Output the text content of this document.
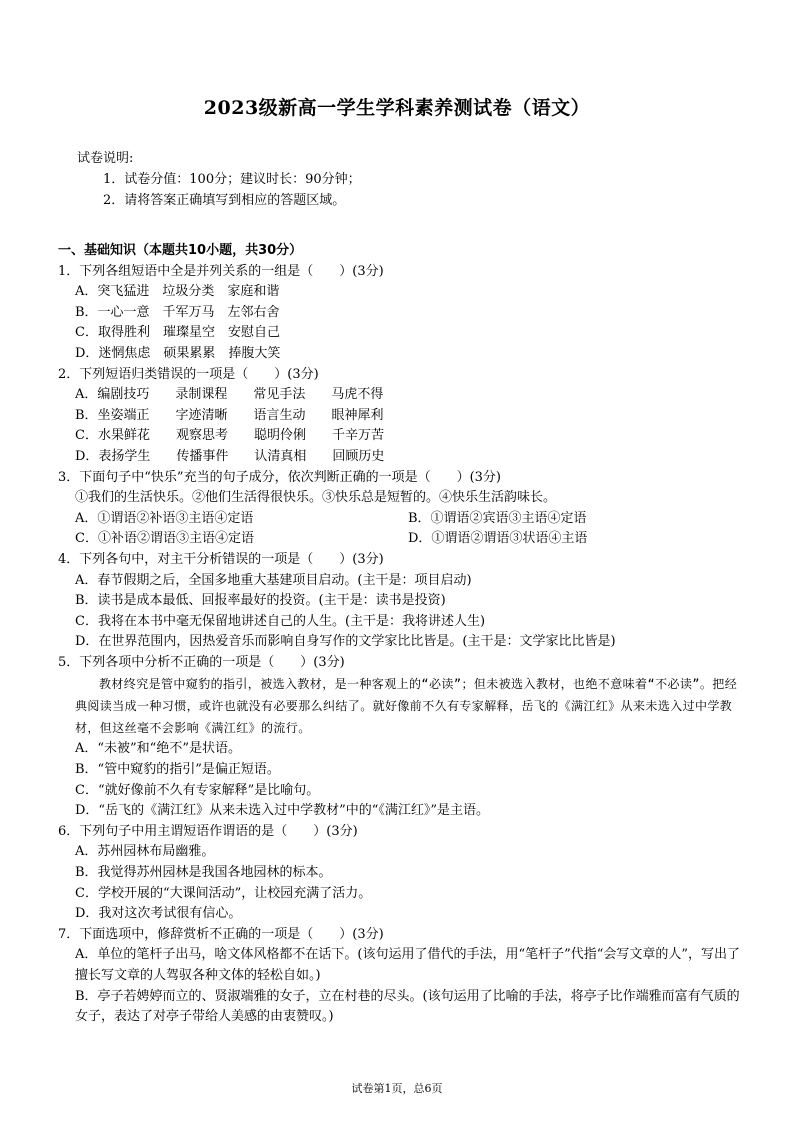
2023级新高一学生学科素养测试卷（语文）
试卷说明:
1．试卷分值：100分；建议时长：90分钟；
2．请将答案正确填写到相应的答题区域。
一、基础知识（本题共10小题，共30分）
1．下列各组短语中全是并列关系的一组是（　　）(3分)
A．突飞猛进　垃圾分类　家庭和谐
B．一心一意　千军万马　左邻右舍
C．取得胜利　璀璨星空　安慰自己
D．迷惘焦虑　硕果累累　捧腹大笑
2．下列短语归类错误的一项是（　　）(3分)
A．编剧技巧　　录制课程　　常见手法　　马虎不得
B．坐姿端正　　字迹清晰　　语言生动　　眼神犀利
C．水果鲜花　　观察思考　　聪明伶俐　　千辛万苦
D．表扬学生　　传播事件　　认清真相　　回顾历史
3．下面句子中“快乐”充当的句子成分，依次判断正确的一项是（　　）(3分)
①我们的生活快乐。②他们生活得很快乐。③快乐总是短暂的。④快乐生活韵味长。
A．①谓语②补语③主语④定语	B．①谓语②宾语③主语④定语
C．①补语②谓语③主语④定语	D．①谓语②谓语③状语④主语
4．下列各句中，对主干分析错误的一项是（　　）(3分)
A．春节假期之后，全国多地重大基建项目启动。(主干是：项目启动)
B．读书是成本最低、回报率最好的投资。(主干是：读书是投资)
C．我将在本书中毫无保留地讲述自己的人生。(主干是：我将讲述人生)
D．在世界范围内，因热爱音乐而影响自身写作的文学家比比皆是。(主干是：文学家比比皆是)
5．下列各项中分析不正确的一项是（　　）(3分)
教材终究是管中窥豹的指引，被选入教材，是一种客观上的“必读”；但未被选入教材，也绝不意味着“不必读”。把经典阅读当成一种习惯，或许也就没有必要那么纠结了。就好像前不久有专家解释，岳飞的《满江红》从来未选入过中学教材，但这丝毫不会影响《满江红》的流行。
A．“未被”和“绝不”是状语。
B．“管中窥豹的指引”是偏正短语。
C．“就好像前不久有专家解释”是比喻句。
D．“岳飞的《满江红》从来未选入过中学教材”中的“《满江红》”是主语。
6．下列句子中用主谓短语作谓语的是（　　）(3分)
A．苏州园林布局幽雅。
B．我觉得苏州园林是我国各地园林的标本。
C．学校开展的“大课间活动”，让校园充满了活力。
D．我对这次考试很有信心。
7．下面选项中，修辞赏析不正确的一项是（　　）(3分)
A．单位的笔杆子出马，啥文体风格都不在话下。(该句运用了借代的手法，用“笔杆子”代指“会写文章的人”，写出了擅长写文章的人驾驭各种文体的轻松自如。)
B．亭子若娉婷而立的、贤淑端雅的女子，立在村巷的尽头。(该句运用了比喻的手法，将亭子比作端雅而富有气质的女子，表达了对亭子带给人美感的由衷赞叹。)
试卷第1页，总6页
